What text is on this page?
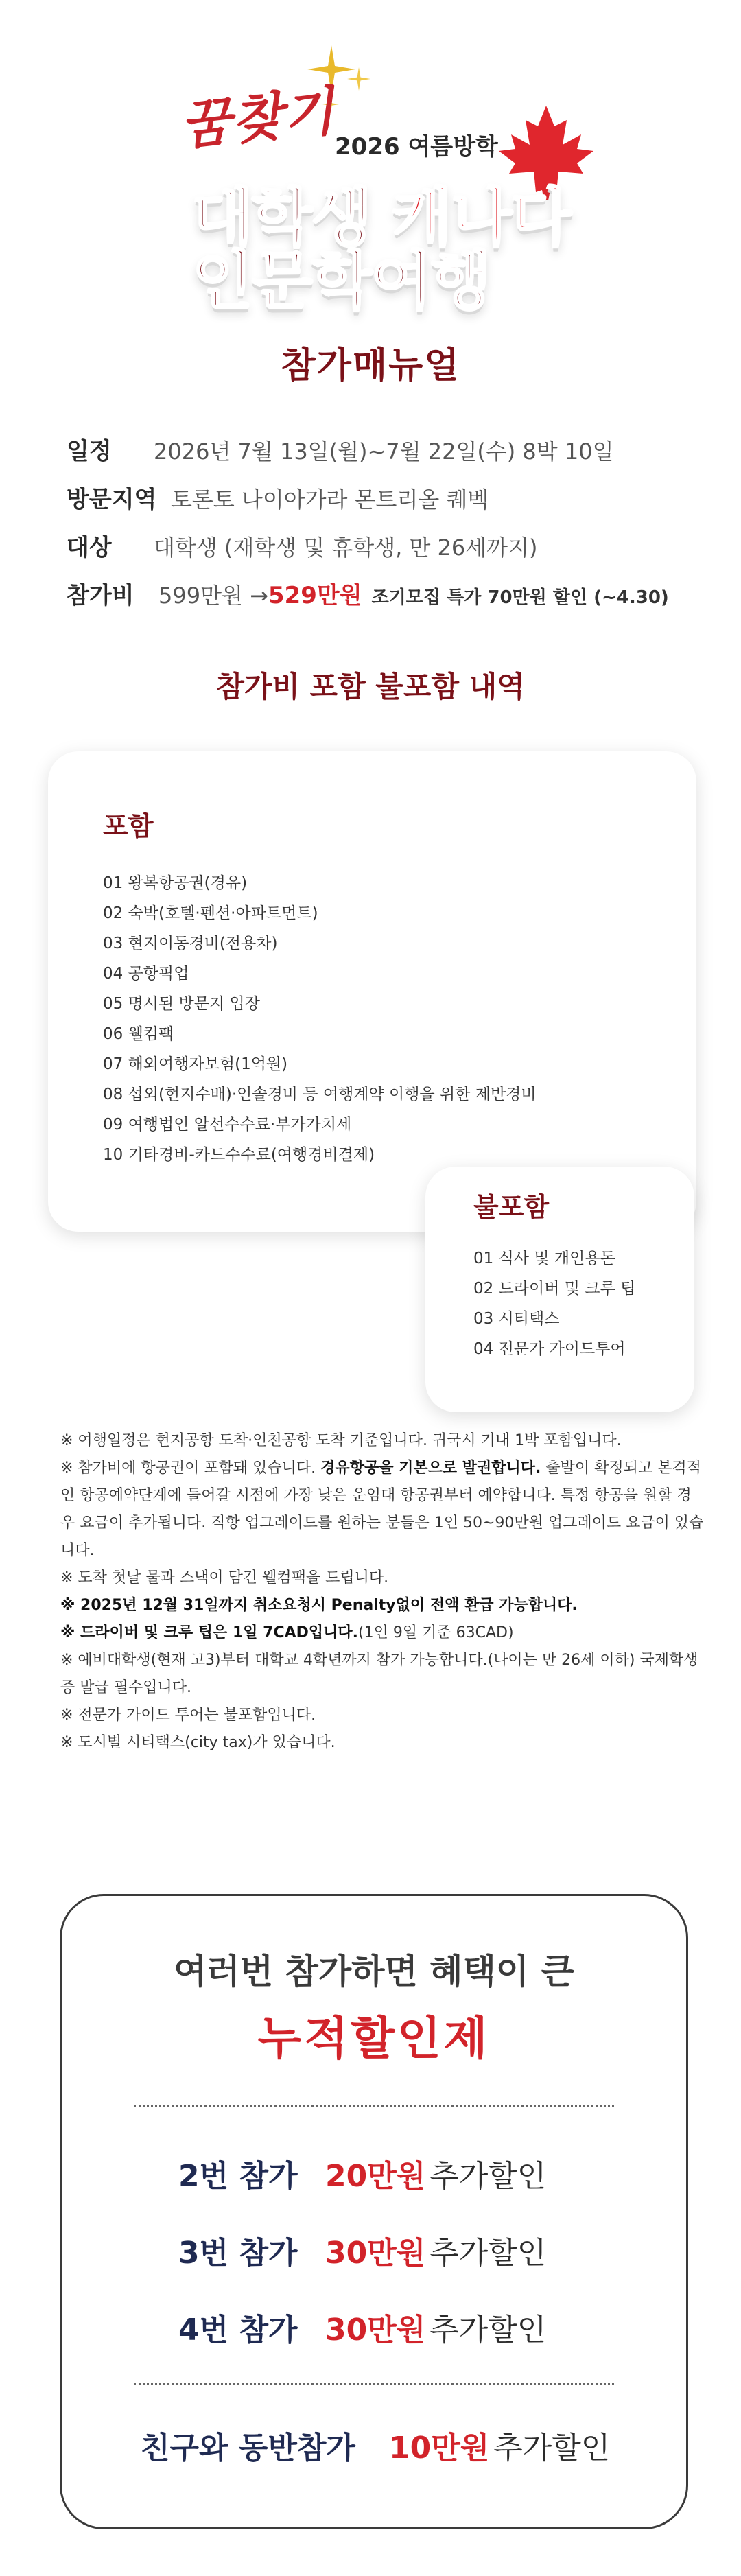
꿈찾기
2026 여름방학
대학생 캐나다
인문학여행
참가매뉴얼
일정	2026년 7월 13일(월)~7월 22일(수) 8박 10일
방문지역 토론토 나이아가라 몬트리올 퀘벡
대상	대학생 (재학생 및 휴학생, 만 26세까지)
참가비	599만원 → 529만원 조기모집 특가 70만원 할인 (~4.30)
참가비 포함 불포함 내역
포함
01 왕복항공권(경유)
02 숙박(호텔·펜션·아파트먼트)
03 현지이동경비(전용차)
04 공항픽업
05 명시된 방문지 입장
06 웰컴팩
07 해외여행자보험(1억원)
08 섭외(현지수배)·인솔경비 등 여행계약 이행을 위한 제반경비
09 여행법인 알선수수료·부가가치세
10 기타경비-카드수수료(여행경비결제)
불포함
01 식사 및 개인용돈
02 드라이버 및 크루 팁
03 시티택스
04 전문가 가이드투어
※ 여행일정은 현지공항 도착·인천공항 도착 기준입니다. 귀국시 기내 1박 포함입니다.
※ 참가비에 항공권이 포함돼 있습니다. 경유항공을 기본으로 발권합니다. 출발이 확정되고 본격적인 항공예약단계에 들어갈 시점에 가장 낮은 운임대 항공권부터 예약합니다. 특정 항공을 원할 경우 요금이 추가됩니다. 직항 업그레이드를 원하는 분들은 1인 50~90만원 업그레이드 요금이 있습니다.
※ 도착 첫날 물과 스낵이 담긴 웰컴팩을 드립니다.
※ 2025년 12월 31일까지 취소요청시 Penalty없이 전액 환급 가능합니다.
※ 드라이버 및 크루 팁은 1일 7CAD입니다.(1인 9일 기준 63CAD)
※ 예비대학생(현재 고3)부터 대학교 4학년까지 참가 가능합니다.(나이는 만 26세 이하) 국제학생증 발급 필수입니다.
※ 전문가 가이드 투어는 불포함입니다.
※ 도시별 시티택스(city tax)가 있습니다.
여러번 참가하면 혜택이 큰
누적할인제
2번 참가 20만원 추가할인
3번 참가 30만원 추가할인
4번 참가 30만원 추가할인
친구와 동반참가	10만원 추가할인
